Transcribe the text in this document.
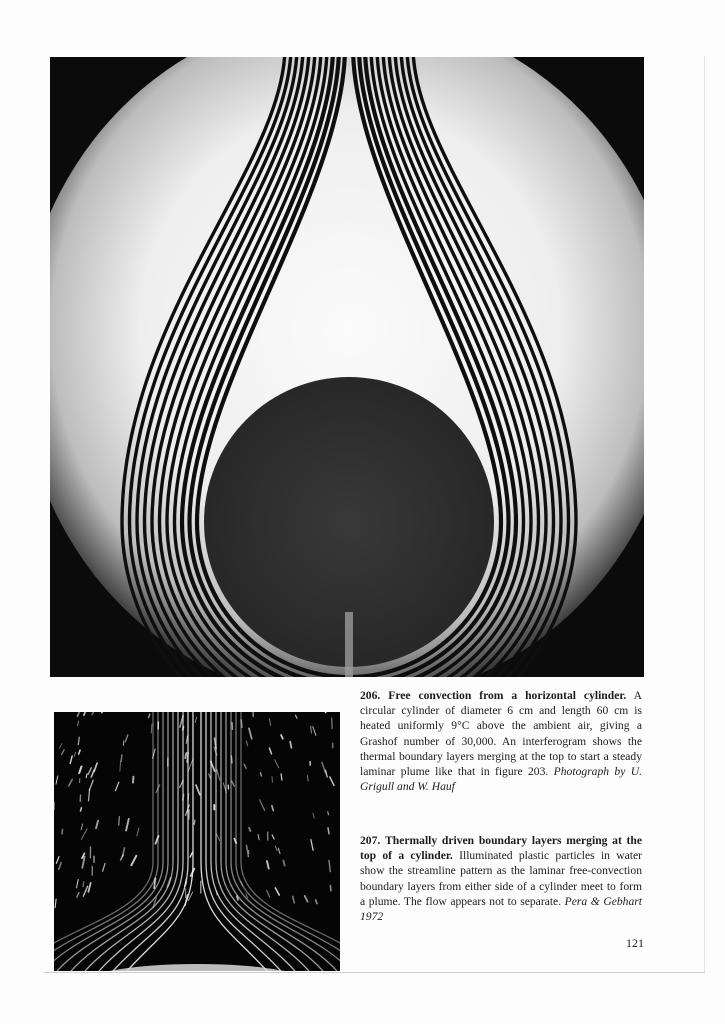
206. Free convection from a horizontal cylinder. A circular cylinder of diameter 6 cm and length 60 cm is heated uniformly 9°C above the ambient air, giving a Grashof number of 30,000. An interferogram shows the thermal boundary layers merging at the top to start a steady laminar plume like that in figure 203. Photograph by U. Grigull and W. Hauf
207. Thermally driven boundary layers merging at the top of a cylinder. Illuminated plastic particles in water show the streamline pattern as the laminar free-convection boundary layers from either side of a cylinder meet to form a plume. The flow appears not to separate. Pera & Gebhart 1972
121
